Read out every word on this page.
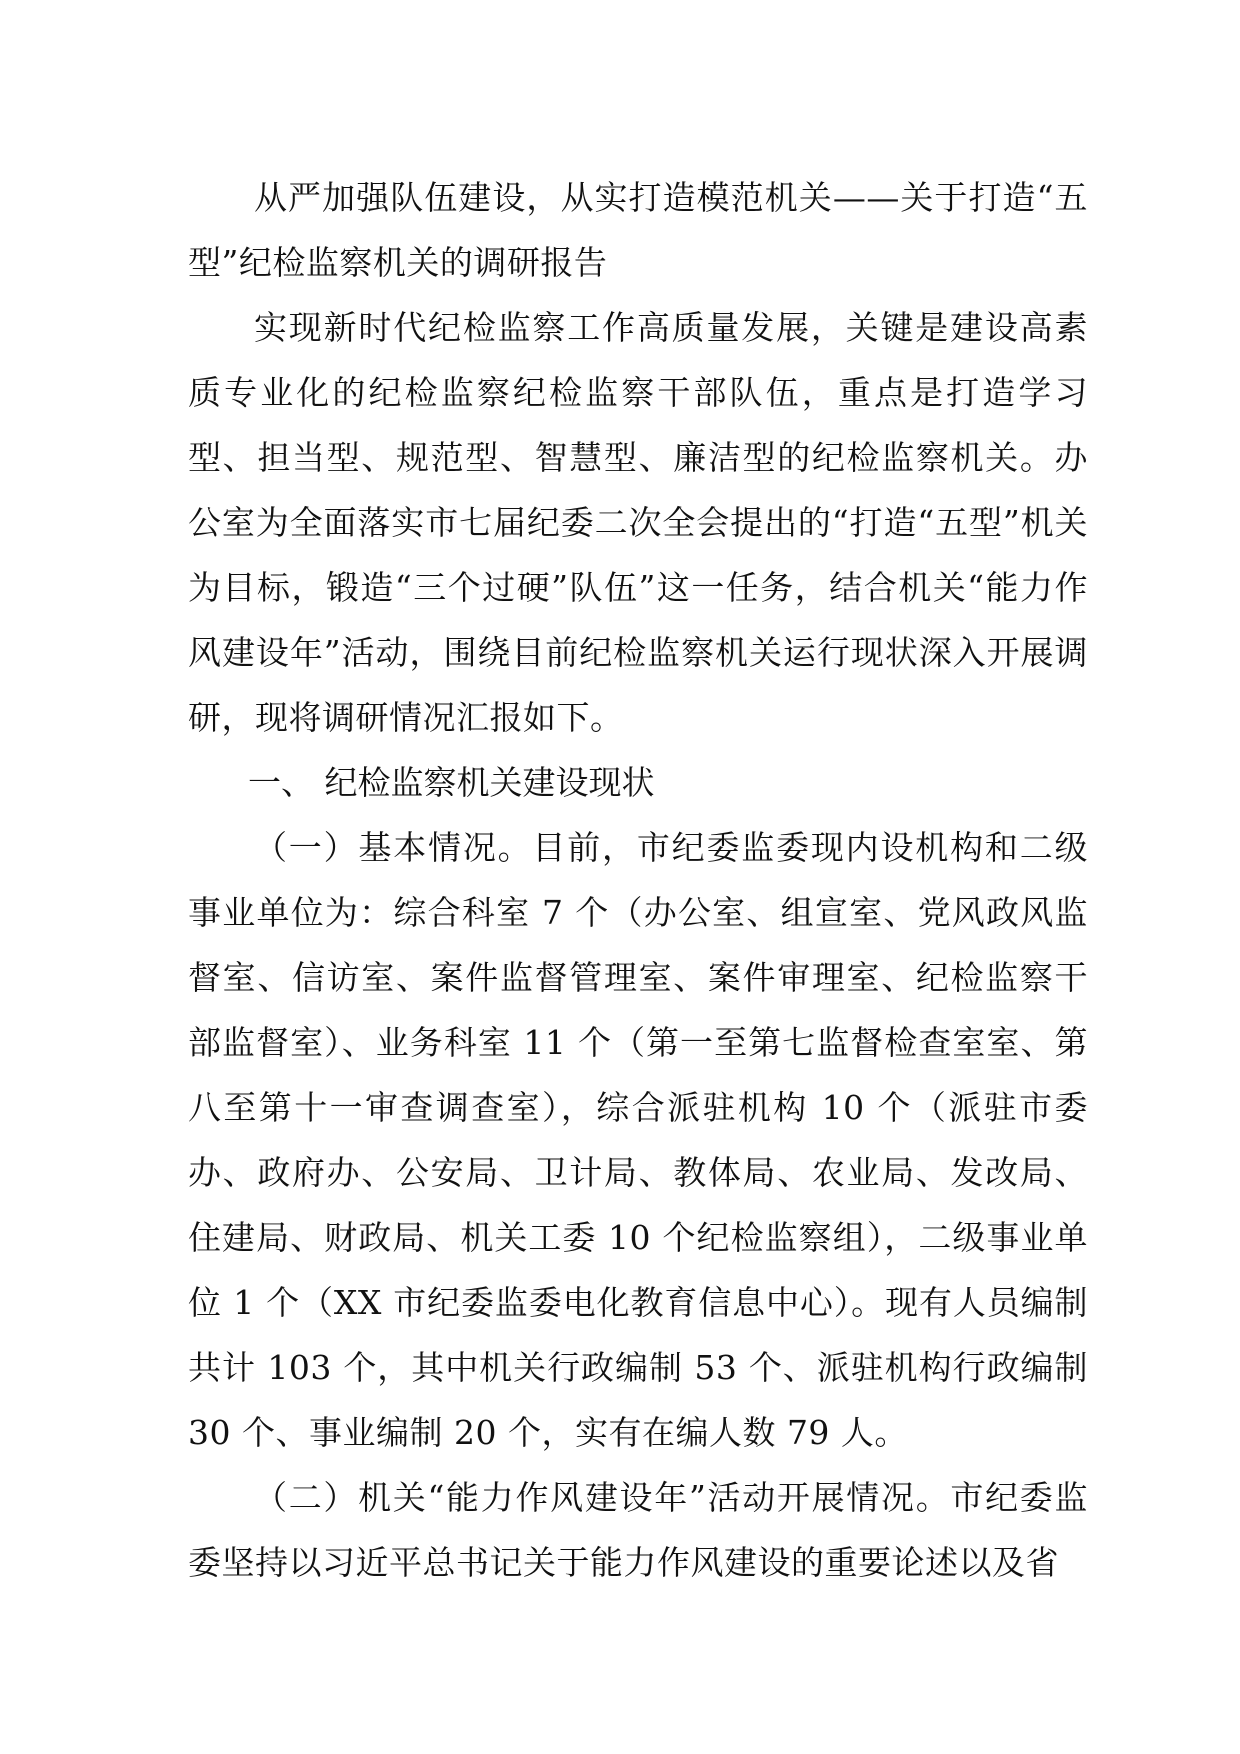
从严加强队伍建设，从实打造模范机关——关于打造“五型”纪检监察机关的调研报告

实现新时代纪检监察工作高质量发展，关键是建设高素质专业化的纪检监察纪检监察干部队伍，重点是打造学习型、担当型、规范型、智慧型、廉洁型的纪检监察机关。办公室为全面落实市七届纪委二次全会提出的“打造“五型”机关为目标，锻造“三个过硬”队伍”这一任务，结合机关“能力作风建设年”活动，围绕目前纪检监察机关运行现状深入开展调研，现将调研情况汇报如下。

一、 纪检监察机关建设现状

（一）基本情况。目前，市纪委监委现内设机构和二级事业单位为：综合科室 7 个（办公室、组宣室、党风政风监督室、信访室、案件监督管理室、案件审理室、纪检监察干部监督室）、业务科室 11 个（第一至第七监督检查室室、第八至第十一审查调查室），综合派驻机构 10 个（派驻市委办、政府办、公安局、卫计局、教体局、农业局、发改局、住建局、财政局、机关工委 10 个纪检监察组），二级事业单位 1 个（XX 市纪委监委电化教育信息中心）。现有人员编制共计 103 个，其中机关行政编制 53 个、派驻机构行政编制 30 个、事业编制 20 个，实有在编人数 79 人。

（二）机关“能力作风建设年”活动开展情况。市纪委监委坚持以习近平总书记关于能力作风建设的重要论述以及省
